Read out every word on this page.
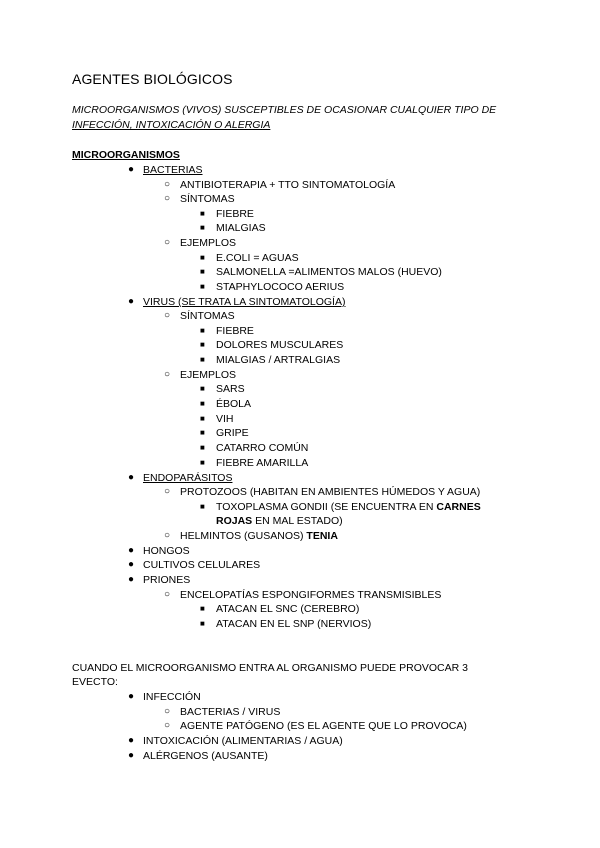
AGENTES BIOLÓGICOS
MICROORGANISMOS (VIVOS) SUSCEPTIBLES DE OCASIONAR CUALQUIER TIPO DE
INFECCIÓN, INTOXICACIÓN O ALERGIA
MICROORGANISMOS
● BACTERIAS
○ ANTIBIOTERAPIA + TTO SINTOMATOLOGÍA
○ SÍNTOMAS
■ FIEBRE
■ MIALGIAS
○ EJEMPLOS
■ E.COLI = AGUAS
■ SALMONELLA =ALIMENTOS MALOS (HUEVO)
■ STAPHYLOCOCO AERIUS
● VIRUS (SE TRATA LA SINTOMATOLOGÍA)
○ SÍNTOMAS
■ FIEBRE
■ DOLORES MUSCULARES
■ MIALGIAS / ARTRALGIAS
○ EJEMPLOS
■ SARS
■ ÉBOLA
■ VIH
■ GRIPE
■ CATARRO COMÚN
■ FIEBRE AMARILLA
● ENDOPARÁSITOS
○ PROTOZOOS (HABITAN EN AMBIENTES HÚMEDOS Y AGUA)
■ TOXOPLASMA GONDII (SE ENCUENTRA EN CARNES
ROJAS EN MAL ESTADO)
○ HELMINTOS (GUSANOS) TENIA
● HONGOS
● CULTIVOS CELULARES
● PRIONES
○ ENCELOPATÍAS ESPONGIFORMES TRANSMISIBLES
■ ATACAN EL SNC (CEREBRO)
■ ATACAN EN EL SNP (NERVIOS)
CUANDO EL MICROORGANISMO ENTRA AL ORGANISMO PUEDE PROVOCAR 3
EVECTO:
● INFECCIÓN
○ BACTERIAS / VIRUS
○ AGENTE PATÓGENO (ES EL AGENTE QUE LO PROVOCA)
● INTOXICACIÓN (ALIMENTARIAS / AGUA)
● ALÉRGENOS (AUSANTE)
